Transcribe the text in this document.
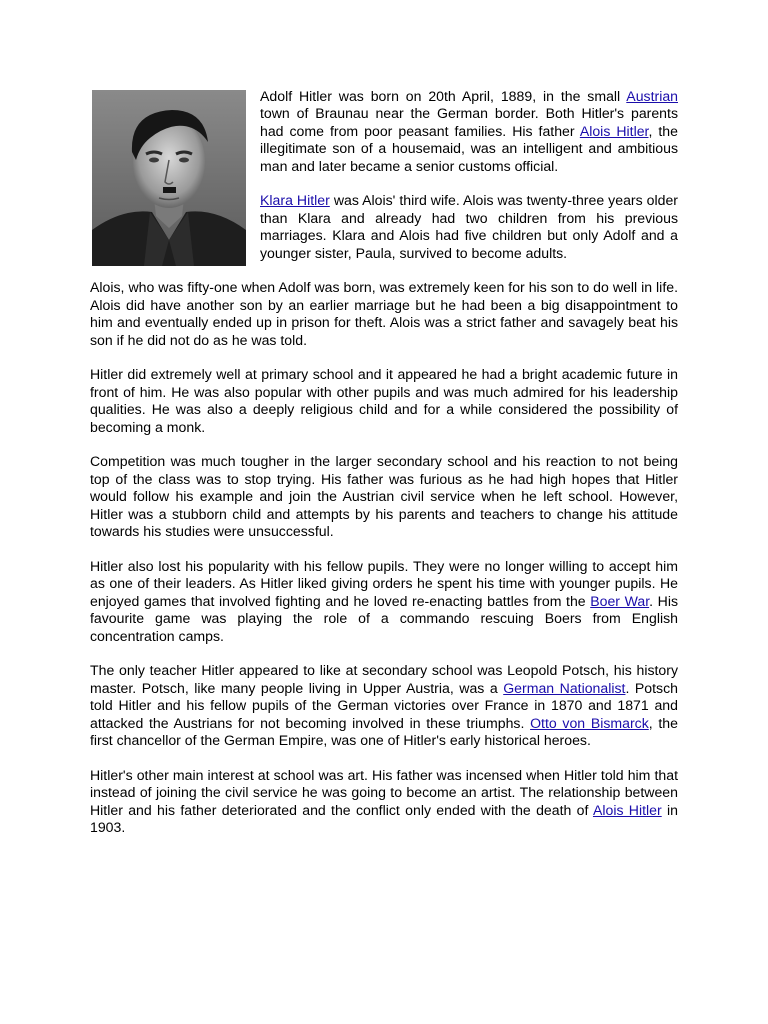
Adolf Hitler was born on 20th April, 1889, in the small Austrian town of Braunau near the German border. Both Hitler's parents had come from poor peasant families. His father Alois Hitler, the illegitimate son of a housemaid, was an intelligent and ambitious man and later became a senior customs official.

Klara Hitler was Alois' third wife. Alois was twenty-three years older than Klara and already had two children from his previous marriages. Klara and Alois had five children but only Adolf and a younger sister, Paula, survived to become adults.

Alois, who was fifty-one when Adolf was born, was extremely keen for his son to do well in life. Alois did have another son by an earlier marriage but he had been a big disappointment to him and eventually ended up in prison for theft. Alois was a strict father and savagely beat his son if he did not do as he was told.

Hitler did extremely well at primary school and it appeared he had a bright academic future in front of him. He was also popular with other pupils and was much admired for his leadership qualities. He was also a deeply religious child and for a while considered the possibility of becoming a monk.

Competition was much tougher in the larger secondary school and his reaction to not being top of the class was to stop trying. His father was furious as he had high hopes that Hitler would follow his example and join the Austrian civil service when he left school. However, Hitler was a stubborn child and attempts by his parents and teachers to change his attitude towards his studies were unsuccessful.

Hitler also lost his popularity with his fellow pupils. They were no longer willing to accept him as one of their leaders. As Hitler liked giving orders he spent his time with younger pupils. He enjoyed games that involved fighting and he loved re-enacting battles from the Boer War. His favourite game was playing the role of a commando rescuing Boers from English concentration camps.

The only teacher Hitler appeared to like at secondary school was Leopold Potsch, his history master. Potsch, like many people living in Upper Austria, was a German Nationalist. Potsch told Hitler and his fellow pupils of the German victories over France in 1870 and 1871 and attacked the Austrians for not becoming involved in these triumphs. Otto von Bismarck, the first chancellor of the German Empire, was one of Hitler's early historical heroes.

Hitler's other main interest at school was art. His father was incensed when Hitler told him that instead of joining the civil service he was going to become an artist. The relationship between Hitler and his father deteriorated and the conflict only ended with the death of Alois Hitler in 1903.
